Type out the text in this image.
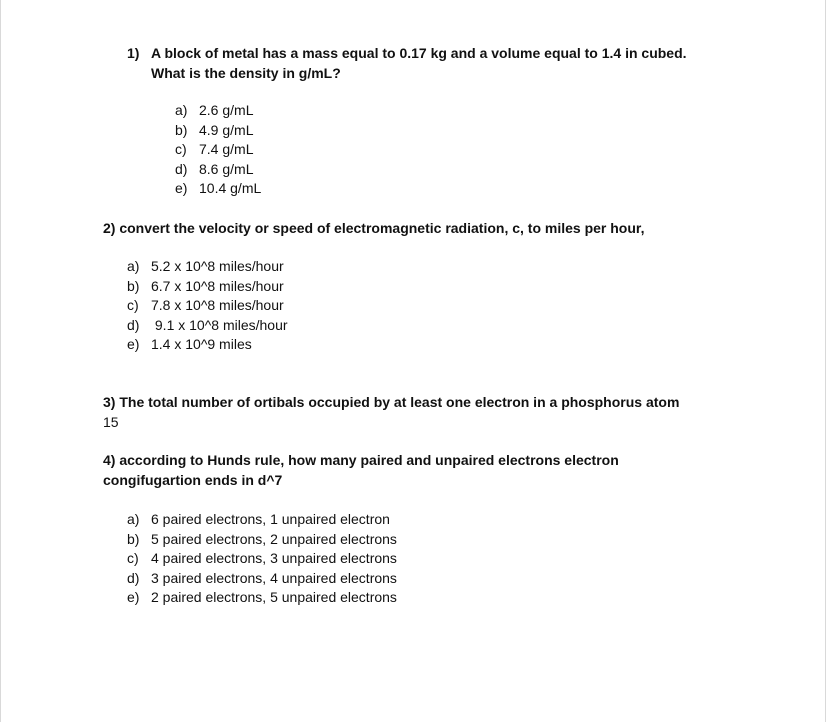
1) A block of metal has a mass equal to 0.17 kg and a volume equal to 1.4 in cubed.
What is the density in g/mL?
a) 2.6 g/mL
b) 4.9 g/mL
c) 7.4 g/mL
d) 8.6 g/mL
e) 10.4 g/mL
2) convert the velocity or speed of electromagnetic radiation, c, to miles per hour,
a) 5.2 x 10^8 miles/hour
b) 6.7 x 10^8 miles/hour
c) 7.8 x 10^8 miles/hour
d) 9.1 x 10^8 miles/hour
e) 1.4 x 10^9 miles
3) The total number of ortibals occupied by at least one electron in a phosphorus atom
15
4) according to Hunds rule, how many paired and unpaired electrons electron
congifugartion ends in d^7
a) 6 paired electrons, 1 unpaired electron
b) 5 paired electrons, 2 unpaired electrons
c) 4 paired electrons, 3 unpaired electrons
d) 3 paired electrons, 4 unpaired electrons
e) 2 paired electrons, 5 unpaired electrons
